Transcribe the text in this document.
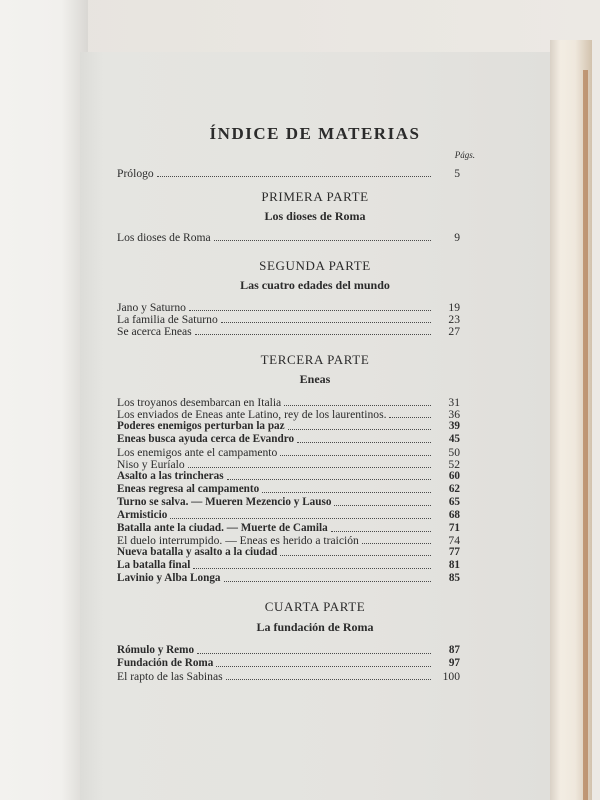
ÍNDICE DE MATERIAS
Págs.
Prólogo	5
PRIMERA PARTE
Los dioses de Roma
Los dioses de Roma	9
SEGUNDA PARTE
Las cuatro edades del mundo
Jano y Saturno	19
La familia de Saturno	23
Se acerca Eneas	27
TERCERA PARTE
Eneas
Los troyanos desembarcan en Italia	31
Los enviados de Eneas ante Latino, rey de los laurentinos.	36
Poderes enemigos perturban la paz	39
Eneas busca ayuda cerca de Evandro	45
Los enemigos ante el campamento	50
Niso y Euríalo	52
Asalto a las trincheras	60
Eneas regresa al campamento	62
Turno se salva. — Mueren Mezencio y Lauso	65
Armisticio	68
Batalla ante la ciudad. — Muerte de Camila	71
El duelo interrumpido. — Eneas es herido a traición	74
Nueva batalla y asalto a la ciudad	77
La batalla final	81
Lavinio y Alba Longa	85
CUARTA PARTE
La fundación de Roma
Rómulo y Remo	87
Fundación de Roma	97
El rapto de las Sabinas	100
